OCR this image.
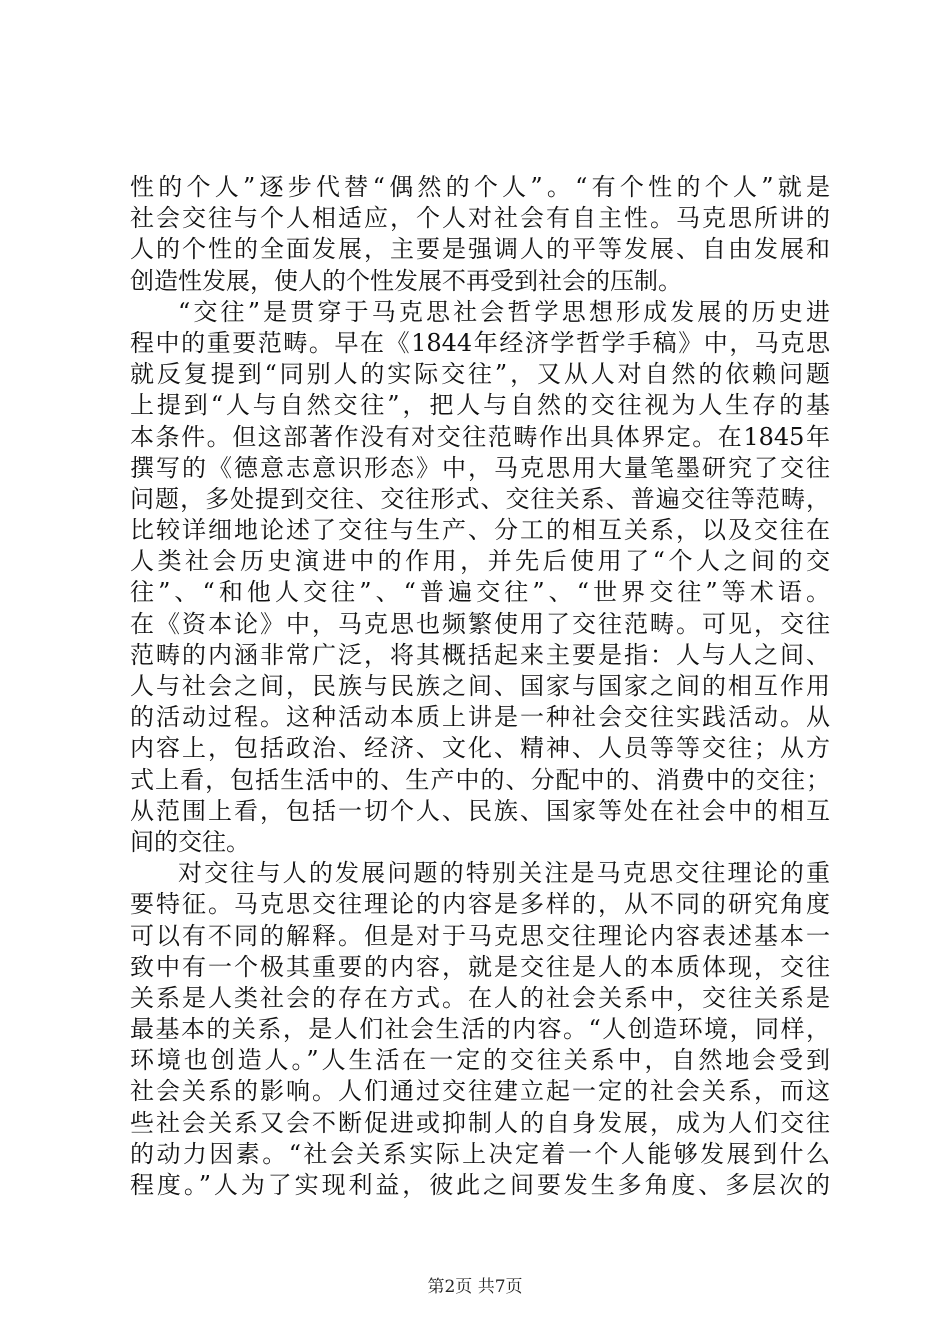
性的个人”逐步代替“偶然的个人”。“有个性的个人”就是
社会交往与个人相适应，个人对社会有自主性。马克思所讲的
人的个性的全面发展，主要是强调人的平等发展、自由发展和
创造性发展，使人的个性发展不再受到社会的压制。
“交往”是贯穿于马克思社会哲学思想形成发展的历史进
程中的重要范畴。早在《1844年经济学哲学手稿》中，马克思
就反复提到“同别人的实际交往”，又从人对自然的依赖问题
上提到“人与自然交往”，把人与自然的交往视为人生存的基
本条件。但这部著作没有对交往范畴作出具体界定。在1845年
撰写的《德意志意识形态》中，马克思用大量笔墨研究了交往
问题，多处提到交往、交往形式、交往关系、普遍交往等范畴，
比较详细地论述了交往与生产、分工的相互关系，以及交往在
人类社会历史演进中的作用，并先后使用了“个人之间的交
往”、“和他人交往”、“普遍交往”、“世界交往”等术语。
在《资本论》中，马克思也频繁使用了交往范畴。可见，交往
范畴的内涵非常广泛，将其概括起来主要是指：人与人之间、
人与社会之间，民族与民族之间、国家与国家之间的相互作用
的活动过程。这种活动本质上讲是一种社会交往实践活动。从
内容上，包括政治、经济、文化、精神、人员等等交往；从方
式上看，包括生活中的、生产中的、分配中的、消费中的交往；
从范围上看，包括一切个人、民族、国家等处在社会中的相互
间的交往。
对交往与人的发展问题的特别关注是马克思交往理论的重
要特征。马克思交往理论的内容是多样的，从不同的研究角度
可以有不同的解释。但是对于马克思交往理论内容表述基本一
致中有一个极其重要的内容，就是交往是人的本质体现，交往
关系是人类社会的存在方式。在人的社会关系中，交往关系是
最基本的关系，是人们社会生活的内容。“人创造环境，同样，
环境也创造人。”人生活在一定的交往关系中，自然地会受到
社会关系的影响。人们通过交往建立起一定的社会关系，而这
些社会关系又会不断促进或抑制人的自身发展，成为人们交往
的动力因素。“社会关系实际上决定着一个人能够发展到什么
程度。”人为了实现利益，彼此之间要发生多角度、多层次的
第2页 共7页
